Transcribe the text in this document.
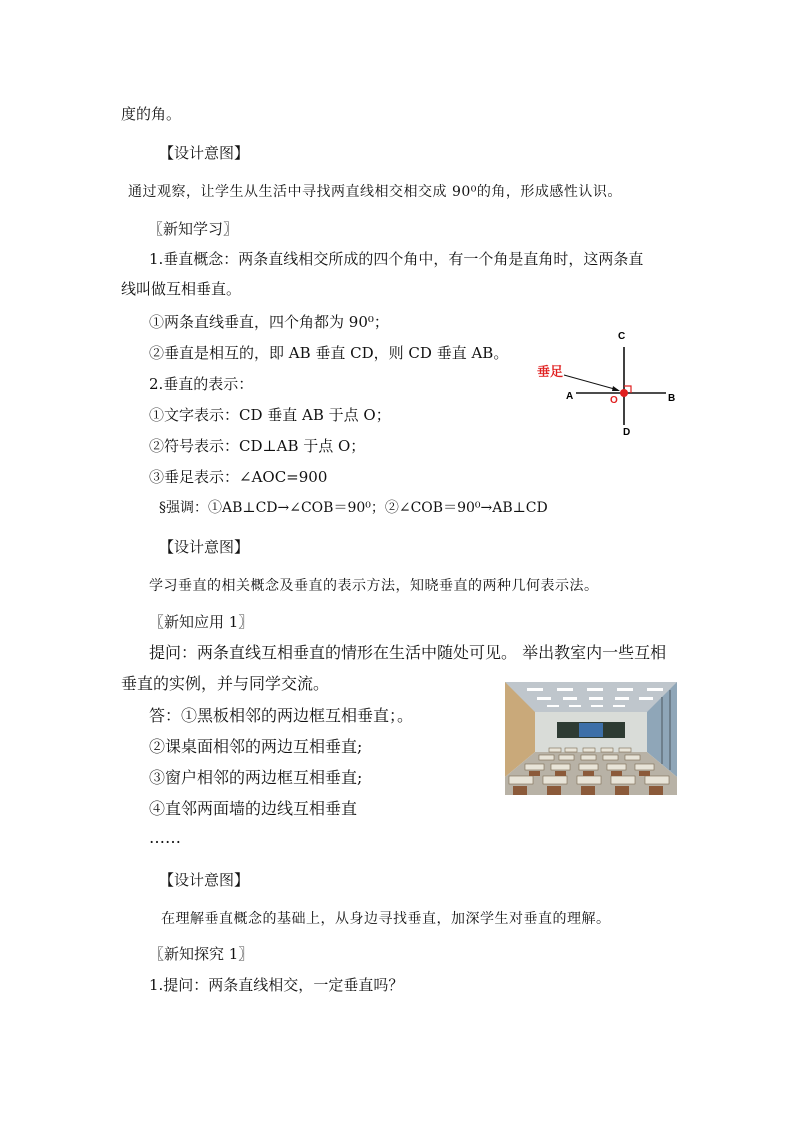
度的角。
【设计意图】
通过观察，让学生从生活中寻找两直线相交相交成 90⁰的角，形成感性认识。
〖新知学习〗
1.垂直概念：两条直线相交所成的四个角中，有一个角是直角时，这两条直
线叫做互相垂直。
①两条直线垂直，四个角都为 90⁰；
②垂直是相互的，即 AB 垂直 CD，则 CD 垂直 AB。
2.垂直的表示：
①文字表示：CD 垂直 AB 于点 O；
②符号表示：CD⊥AB 于点 O；
③垂足表示：∠AOC=900
§强调：①AB⊥CD→∠COB＝90⁰；②∠COB＝90⁰→AB⊥CD
【设计意图】
学习垂直的相关概念及垂直的表示方法，知晓垂直的两种几何表示法。
〖新知应用 1〗
提问：两条直线互相垂直的情形在生活中随处可见。 举出教室内一些互相
垂直的实例，并与同学交流。
答：①黑板相邻的两边框互相垂直；。
②课桌面相邻的两边互相垂直;
③窗户相邻的两边框互相垂直;
④直邻两面墙的边线互相垂直
……
【设计意图】
在理解垂直概念的基础上，从身边寻找垂直，加深学生对垂直的理解。
〖新知探究 1〗
1.提问：两条直线相交，一定垂直吗？
C
A	O	B
D
垂足
